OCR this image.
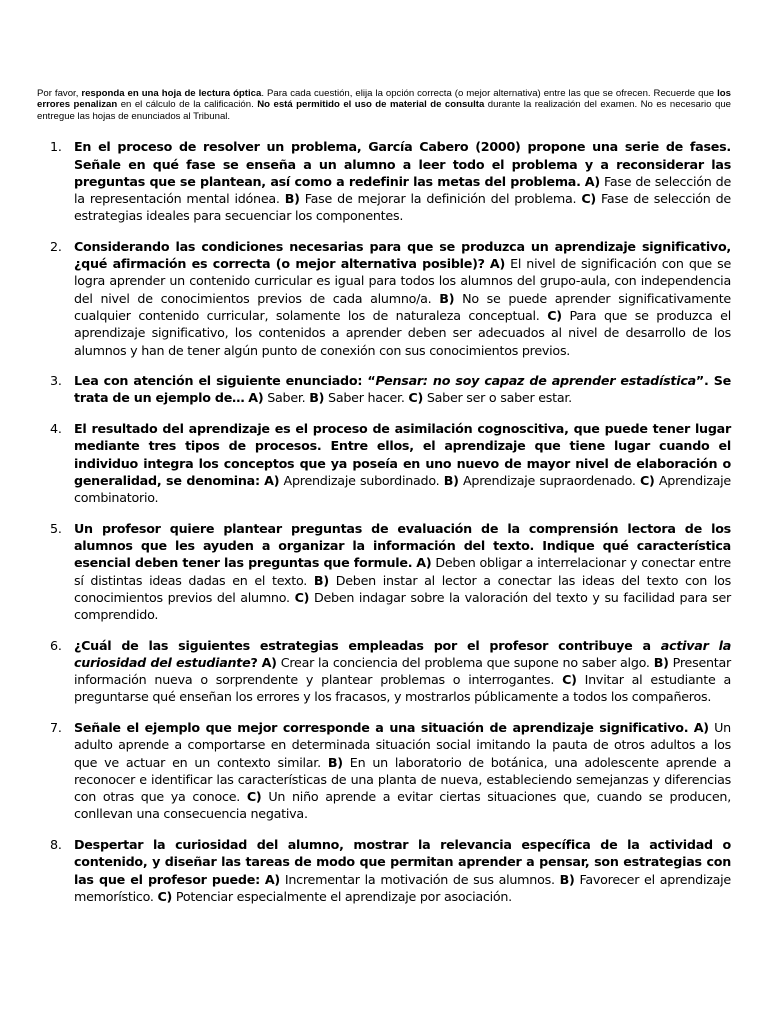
Por favor, responda en una hoja de lectura óptica. Para cada cuestión, elija la opción correcta (o mejor alternativa) entre las que se ofrecen. Recuerde que los errores penalizan en el cálculo de la calificación. No está permitido el uso de material de consulta durante la realización del examen. No es necesario que entregue las hojas de enunciados al Tribunal.

1. En el proceso de resolver un problema, García Cabero (2000) propone una serie de fases. Señale en qué fase se enseña a un alumno a leer todo el problema y a reconsiderar las preguntas que se plantean, así como a redefinir las metas del problema. A) Fase de selección de la representación mental idónea. B) Fase de mejorar la definición del problema. C) Fase de selección de estrategias ideales para secuenciar los componentes.
2. Considerando las condiciones necesarias para que se produzca un aprendizaje significativo, ¿qué afirmación es correcta (o mejor alternativa posible)? A) El nivel de significación con que se logra aprender un contenido curricular es igual para todos los alumnos del grupo-aula, con independencia del nivel de conocimientos previos de cada alumno/a. B) No se puede aprender significativamente cualquier contenido curricular, solamente los de naturaleza conceptual. C) Para que se produzca el aprendizaje significativo, los contenidos a aprender deben ser adecuados al nivel de desarrollo de los alumnos y han de tener algún punto de conexión con sus conocimientos previos.
3. Lea con atención el siguiente enunciado: “Pensar: no soy capaz de aprender estadística”. Se trata de un ejemplo de… A) Saber. B) Saber hacer. C) Saber ser o saber estar.
4. El resultado del aprendizaje es el proceso de asimilación cognoscitiva, que puede tener lugar mediante tres tipos de procesos. Entre ellos, el aprendizaje que tiene lugar cuando el individuo integra los conceptos que ya poseía en uno nuevo de mayor nivel de elaboración o generalidad, se denomina: A) Aprendizaje subordinado. B) Aprendizaje supraordenado. C) Aprendizaje combinatorio.
5. Un profesor quiere plantear preguntas de evaluación de la comprensión lectora de los alumnos que les ayuden a organizar la información del texto. Indique qué característica esencial deben tener las preguntas que formule. A) Deben obligar a interrelacionar y conectar entre sí distintas ideas dadas en el texto. B) Deben instar al lector a conectar las ideas del texto con los conocimientos previos del alumno. C) Deben indagar sobre la valoración del texto y su facilidad para ser comprendido.
6. ¿Cuál de las siguientes estrategias empleadas por el profesor contribuye a activar la curiosidad del estudiante? A) Crear la conciencia del problema que supone no saber algo. B) Presentar información nueva o sorprendente y plantear problemas o interrogantes. C) Invitar al estudiante a preguntarse qué enseñan los errores y los fracasos, y mostrarlos públicamente a todos los compañeros.
7. Señale el ejemplo que mejor corresponde a una situación de aprendizaje significativo. A) Un adulto aprende a comportarse en determinada situación social imitando la pauta de otros adultos a los que ve actuar en un contexto similar. B) En un laboratorio de botánica, una adolescente aprende a reconocer e identificar las características de una planta de nueva, estableciendo semejanzas y diferencias con otras que ya conoce. C) Un niño aprende a evitar ciertas situaciones que, cuando se producen, conllevan una consecuencia negativa.
8. Despertar la curiosidad del alumno, mostrar la relevancia específica de la actividad o contenido, y diseñar las tareas de modo que permitan aprender a pensar, son estrategias con las que el profesor puede: A) Incrementar la motivación de sus alumnos. B) Favorecer el aprendizaje memorístico. C) Potenciar especialmente el aprendizaje por asociación.
